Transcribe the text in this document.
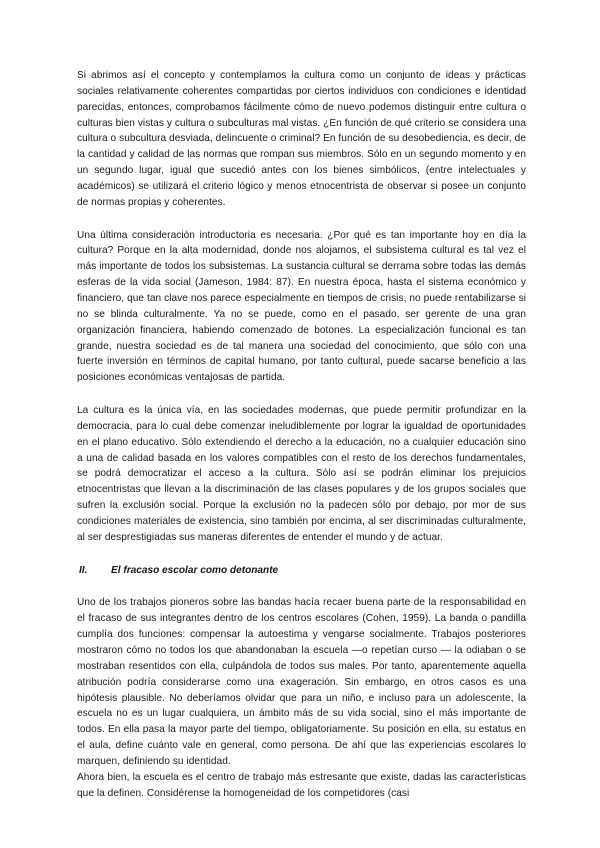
Si abrimos así el concepto y contemplamos la cultura como un conjunto de ideas y prácticas sociales relativamente coherentes compartidas por ciertos individuos con condiciones e identidad parecidas, entonces, comprobamos fácilmente cómo de nuevo podemos distinguir entre cultura o culturas bien vistas y cultura o subculturas mal vistas. ¿En función de qué criterio se considera una cultura o subcultura desviada, delincuente o criminal? En función de su desobediencia, es decir, de la cantidad y calidad de las normas que rompan sus miembros. Sólo en un segundo momento y en un segundo lugar, igual que sucedió antes con los bienes simbólicos, (entre intelectuales y académicos) se utilizará el criterio lógico y menos etnocentrista de observar si posee un conjunto de normas propias y coherentes.

Una última consideración introductoria es necesaria. ¿Por qué es tan importante hoy en día la cultura? Porque en la alta modernidad, donde nos alojamos, el subsistema cultural es tal vez el más importante de todos los subsistemas. La sustancia cultural se derrama sobre todas las demás esferas de la vida social (Jameson, 1984: 87). En nuestra época, hasta el sistema económico y financiero, que tan clave nos parece especialmente en tiempos de crisis, no puede rentabilizarse si no se blinda culturalmente. Ya no se puede, como en el pasado, ser gerente de una gran organización financiera, habiendo comenzado de botones. La especialización funcional es tan grande, nuestra sociedad es de tal manera una sociedad del conocimiento, que sólo con una fuerte inversión en términos de capital humano, por tanto cultural, puede sacarse beneficio a las posiciones económicas ventajosas de partida.

La cultura es la única vía, en las sociedades modernas, que puede permitir profundizar en la democracia, para lo cual debe comenzar ineludiblemente por lograr la igualdad de oportunidades en el plano educativo. Sólo extendiendo el derecho a la educación, no a cualquier educación sino a una de calidad basada en los valores compatibles con el resto de los derechos fundamentales, se podrá democratizar el acceso a la cultura. Sólo así se podrán eliminar los prejuicios etnocentristas que llevan a la discriminación de las clases populares y de los grupos sociales que sufren la exclusión social. Porque la exclusión no la padecen sólo por debajo, por mor de sus condiciones materiales de existencia, sino también por encima, al ser discriminadas culturalmente, al ser desprestigiadas sus maneras diferentes de entender el mundo y de actuar.

II. El fracaso escolar como detonante

Uno de los trabajos pioneros sobre las bandas hacía recaer buena parte de la responsabilidad en el fracaso de sus integrantes dentro de los centros escolares (Cohen, 1959). La banda o pandilla cumplía dos funciones: compensar la autoestima y vengarse socialmente. Trabajos posteriores mostraron cómo no todos los que abandonaban la escuela —o repetían curso — la odiaban o se mostraban resentidos con ella, culpándola de todos sus males. Por tanto, aparentemente aquella atribución podría considerarse como una exageración. Sin embargo, en otros casos es una hipótesis plausible. No deberíamos olvidar que para un niño, e incluso para un adolescente, la escuela no es un lugar cualquiera, un ámbito más de su vida social, sino el más importante de todos. En ella pasa la mayor parte del tiempo, obligatoriamente. Su posición en ella, su estatus en el aula, define cuánto vale en general, como persona. De ahí que las experiencias escolares lo marquen, definiendo su identidad.

Ahora bien, la escuela es el centro de trabajo más estresante que existe, dadas las características que la definen. Considérense la homogeneidad de los competidores (casi
